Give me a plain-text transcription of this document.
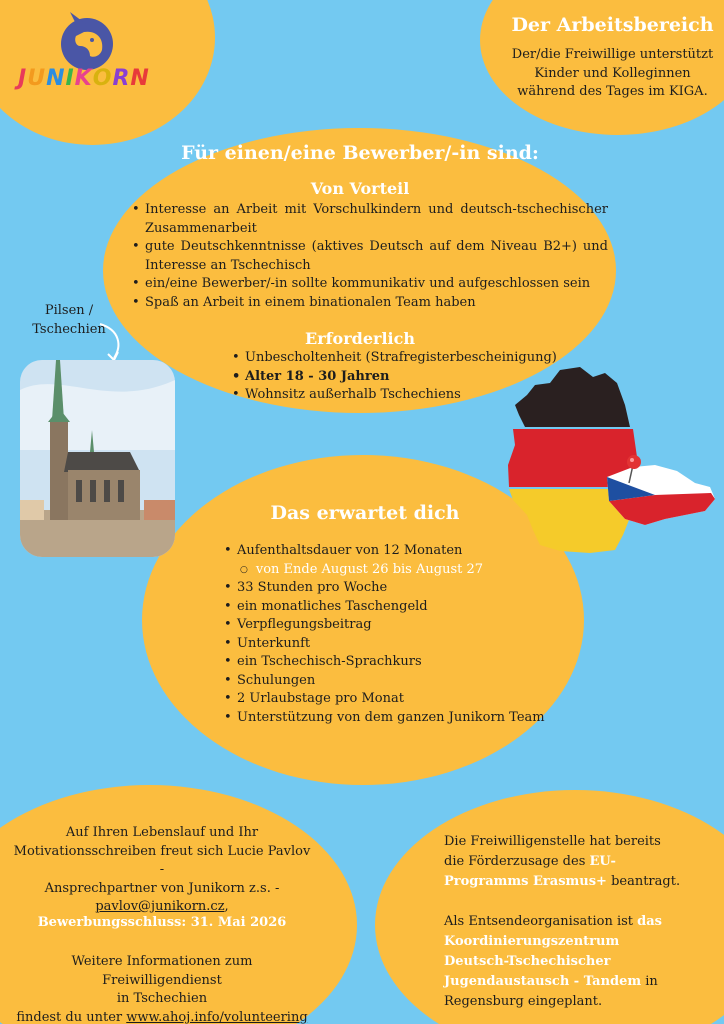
JUNIKORN
Der Arbeitsbereich
Der/die Freiwillige unterstützt
Kinder und Kolleginnen
während des Tages im KIGA.
Für einen/eine Bewerber/-in sind:
Von Vorteil
• Interesse an Arbeit mit Vorschulkindern und deutsch-tschechischer Zusammenarbeit
• gute Deutschkenntnisse (aktives Deutsch auf dem Niveau B2+) und Interesse an Tschechisch
• ein/eine Bewerber/-in sollte kommunikativ und aufgeschlossen sein
• Spaß an Arbeit in einem binationalen Team haben
Erforderlich
• Unbescholtenheit (Strafregisterbescheinigung)
• Alter 18 - 30 Jahren
• Wohnsitz außerhalb Tschechiens
Pilsen /
Tschechien
Das erwartet dich
• Aufenthaltsdauer von 12 Monaten
• 33 Stunden pro Woche
• ein monatliches Taschengeld
• Verpflegungsbeitrag
• Unterkunft
• ein Tschechisch-Sprachkurs
• Schulungen
• 2 Urlaubstage pro Monat
• Unterstützung von dem ganzen Junikorn Team
○ von Ende August 26 bis August 27
Auf Ihren Lebenslauf und Ihr
Motivationsschreiben freut sich Lucie Pavlov -
Ansprechpartner von Junikorn z.s. -
pavlov@junikorn.cz,
Bewerbungsschluss: 31. Mai 2026
Weitere Informationen zum Freiwilligendienst
in Tschechien
findest du unter www.ahoj.info/volunteering

Die Freiwilligenstelle hat bereits die Förderzusage des EU-Programms Erasmus+ beantragt.

Als Entsendeorganisation ist das Koordinierungszentrum Deutsch-Tschechischer Jugendaustausch - Tandem in Regensburg eingeplant.
